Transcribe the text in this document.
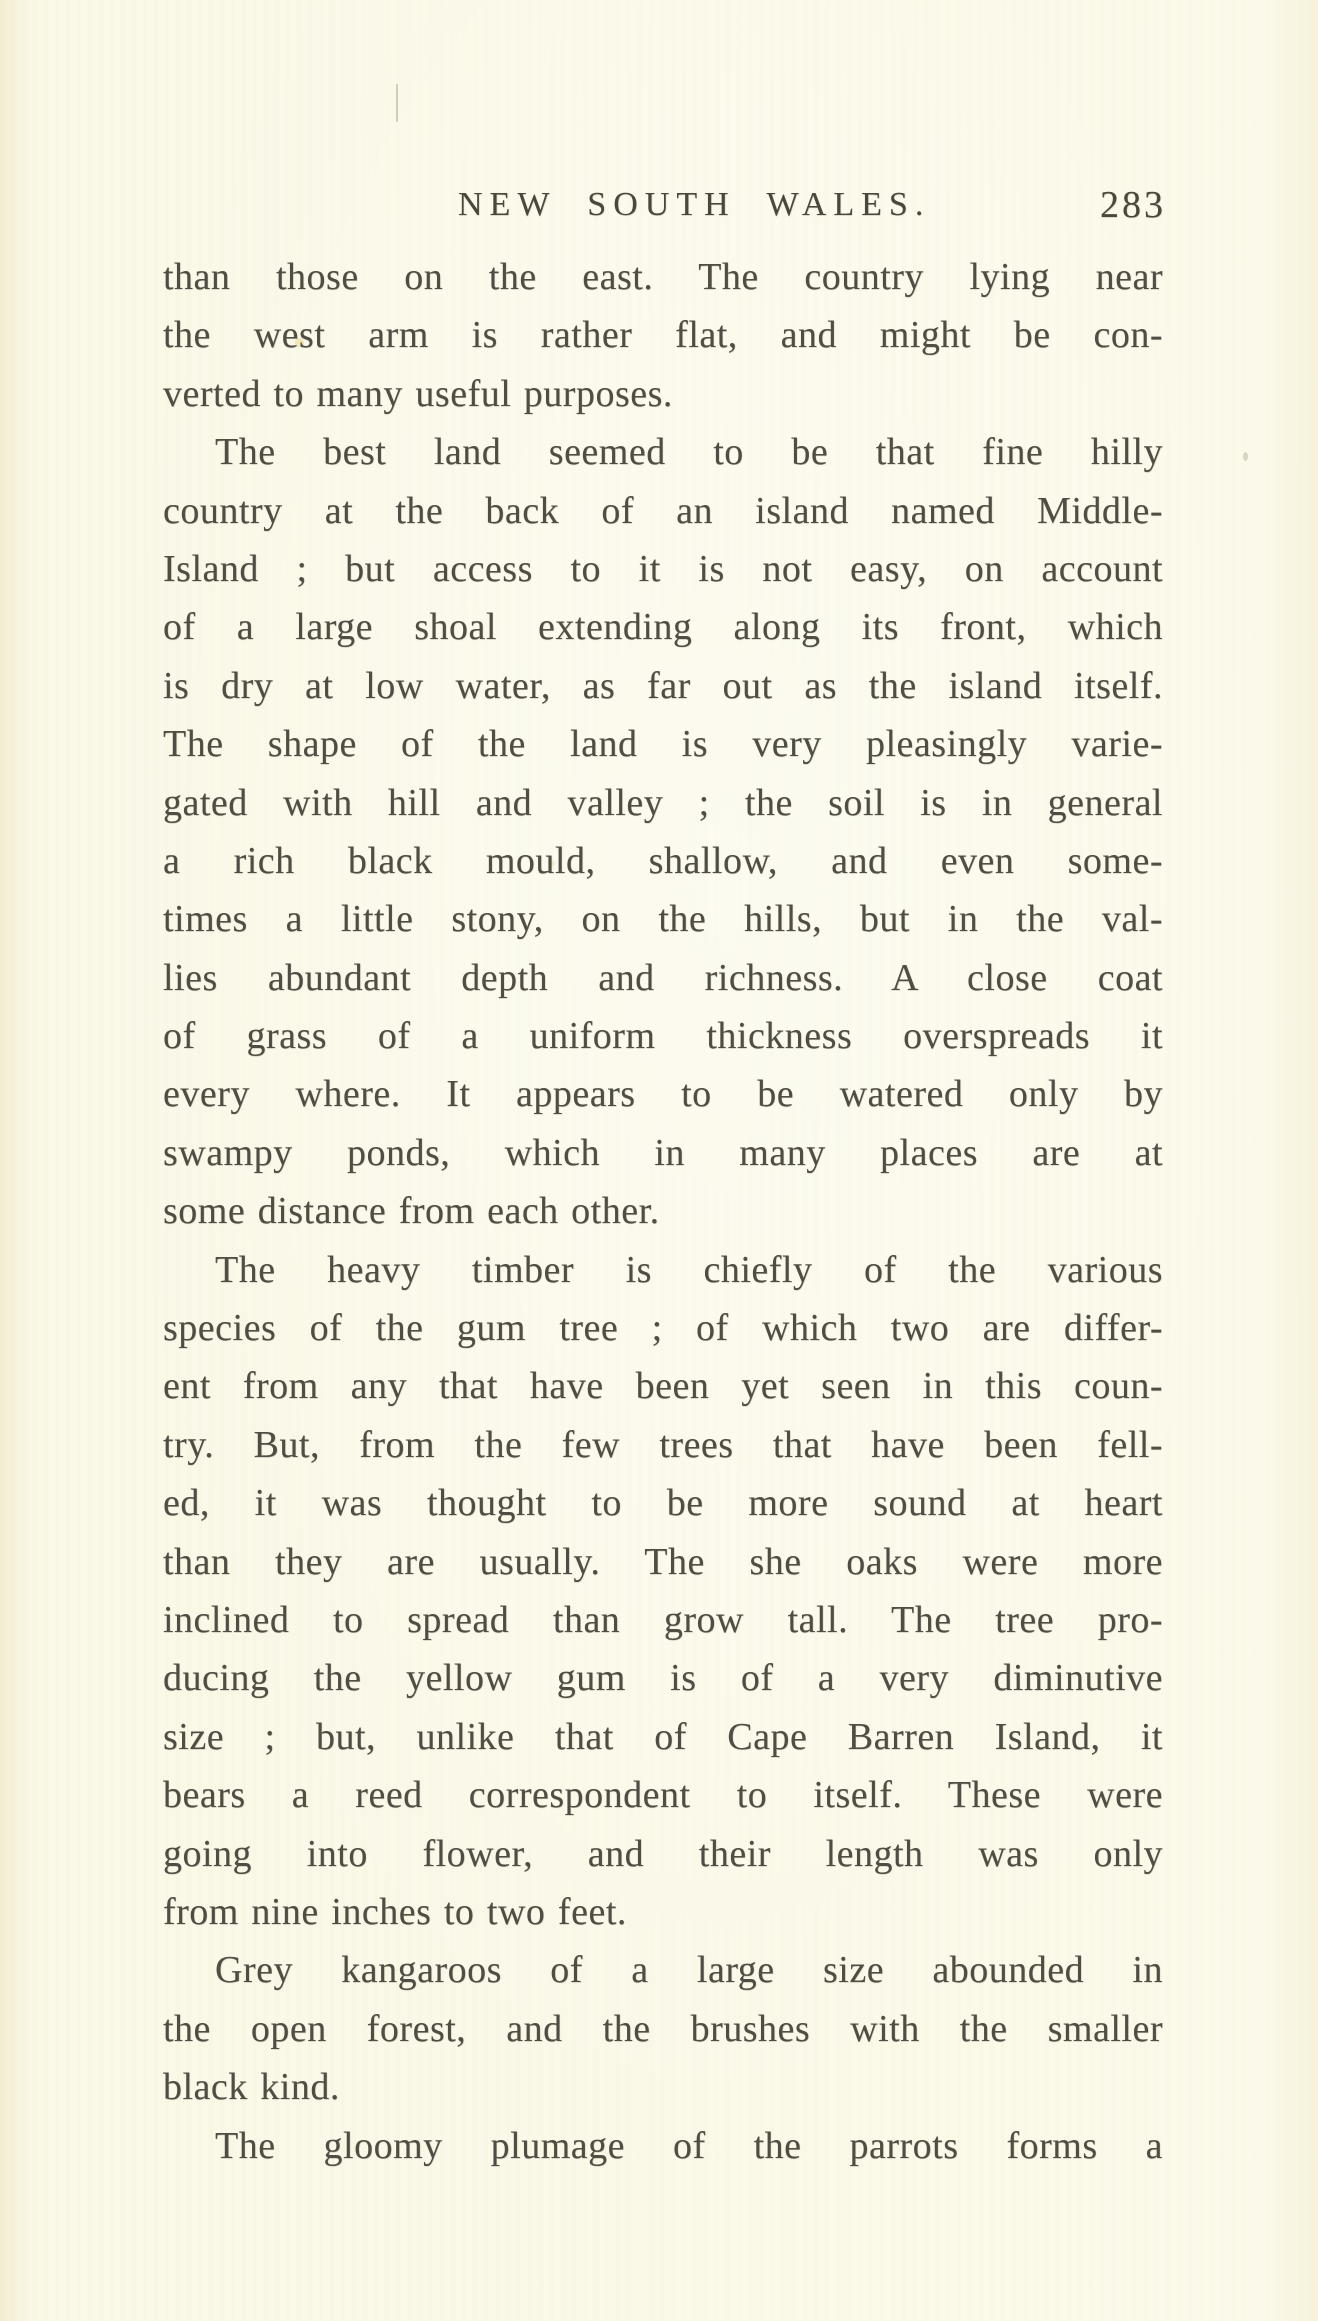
NEW SOUTH WALES.	283
than those on the east. The country lying near
the west arm is rather flat, and might be con-
verted to many useful purposes.
The best land seemed to be that fine hilly
country at the back of an island named Middle-
Island ; but access to it is not easy, on account
of a large shoal extending along its front, which
is dry at low water, as far out as the island itself.
The shape of the land is very pleasingly varie-
gated with hill and valley ; the soil is in general
a rich black mould, shallow, and even some-
times a little stony, on the hills, but in the val-
lies abundant depth and richness. A close coat
of grass of a uniform thickness overspreads it
every where. It appears to be watered only by
swampy ponds, which in many places are at
some distance from each other.
The heavy timber is chiefly of the various
species of the gum tree ; of which two are differ-
ent from any that have been yet seen in this coun-
try. But, from the few trees that have been fell-
ed, it was thought to be more sound at heart
than they are usually. The she oaks were more
inclined to spread than grow tall. The tree pro-
ducing the yellow gum is of a very diminutive
size ; but, unlike that of Cape Barren Island, it
bears a reed correspondent to itself. These were
going into flower, and their length was only
from nine inches to two feet.
Grey kangaroos of a large size abounded in
the open forest, and the brushes with the smaller
black kind.
The gloomy plumage of the parrots forms a
